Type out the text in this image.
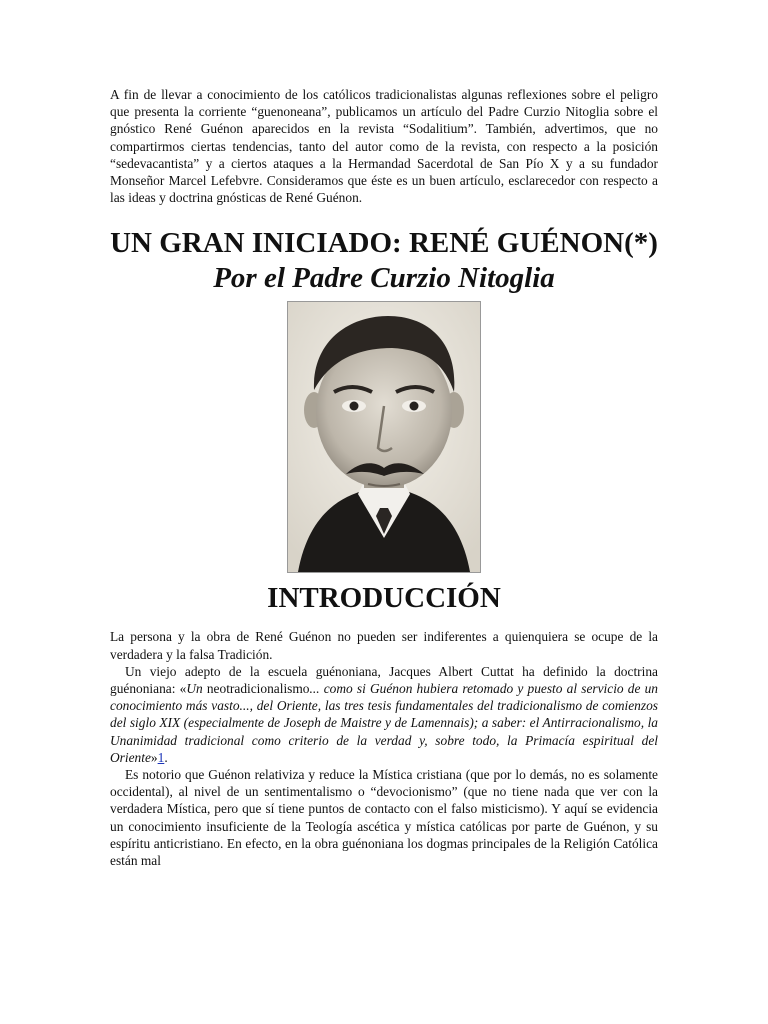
A fin de llevar a conocimiento de los católicos tradicionalistas algunas reflexiones sobre el peligro que presenta la corriente “guenoneana”, publicamos un artículo del Padre Curzio Nitoglia sobre el gnóstico René Guénon aparecidos en la revista “Sodalitium”. También, advertimos, que no compartirmos ciertas tendencias, tanto del autor como de la revista, con respecto a la posición “sedevacantista” y a ciertos ataques a la Hermandad Sacerdotal de San Pío X y a su fundador Monseñor Marcel Lefebvre. Consideramos que éste es un buen artículo, esclarecedor con respecto a las ideas y doctrina gnósticas de René Guénon.

UN GRAN INICIADO: RENÉ GUÉNON(*)
Por el Padre Curzio Nitoglia
INTRODUCCIÓN

La persona y la obra de René Guénon no pueden ser indiferentes a quienquiera se ocupe de la verdadera y la falsa Tradición.

Un viejo adepto de la escuela guénoniana, Jacques Albert Cuttat ha definido la doctrina guénoniana: «Un neotradicionalismo... como si Guénon hubiera retomado y puesto al servicio de un conocimiento más vasto..., del Oriente, las tres tesis fundamentales del tradicionalismo de comienzos del siglo XIX (especialmente de Joseph de Maistre y de Lamennais); a saber: el Antirracionalismo, la Unanimidad tradicional como criterio de la verdad y, sobre todo, la Primacía espiritual del Oriente»1.

Es notorio que Guénon relativiza y reduce la Mística cristiana (que por lo demás, no es solamente occidental), al nivel de un sentimentalismo o “devocionismo” (que no tiene nada que ver con la verdadera Mística, pero que sí tiene puntos de contacto con el falso misticismo). Y aquí se evidencia un conocimiento insuficiente de la Teología ascética y mística católicas por parte de Guénon, y su espíritu anticristiano. En efecto, en la obra guénoniana los dogmas principales de la Religión Católica están mal
